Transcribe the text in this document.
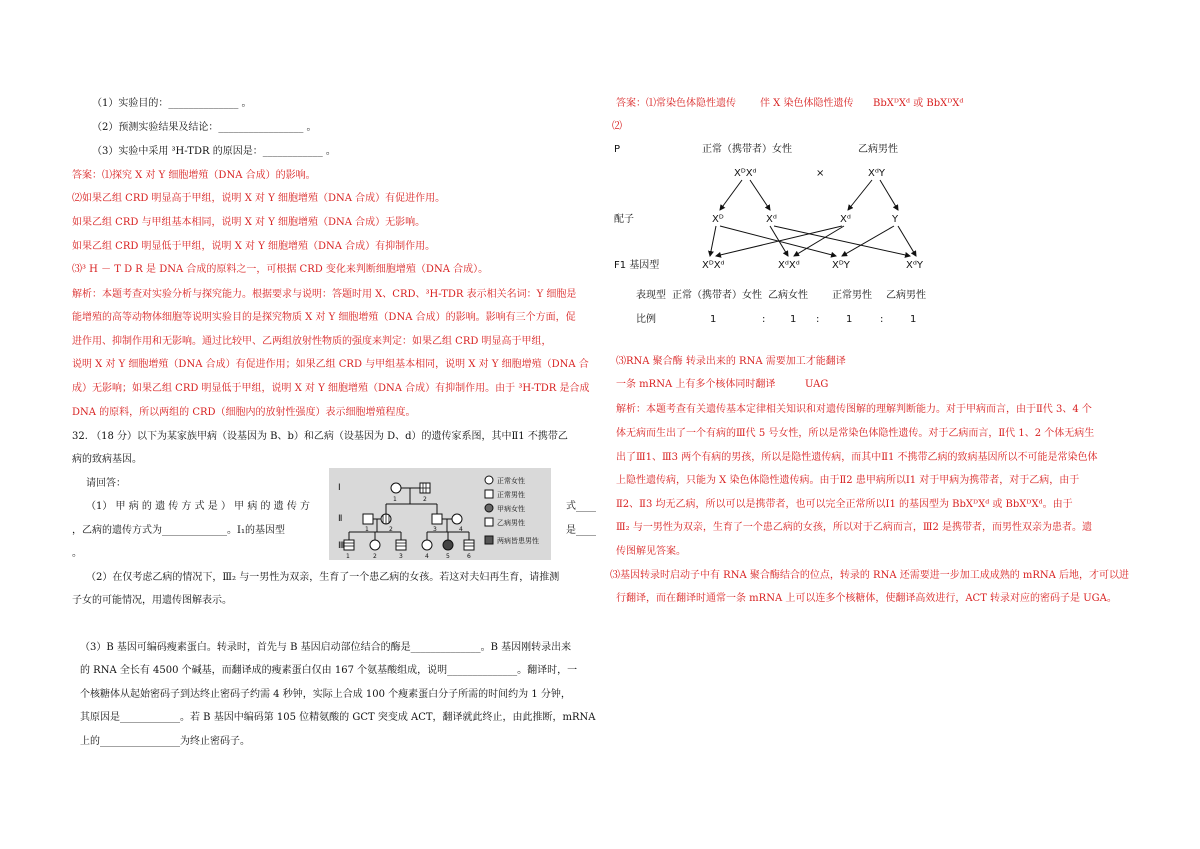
（1）实验目的：______________ 。
（2）预测实验结果及结论：_________________ 。
（3）实验中采用 ³H-TDR 的原因是：____________ 。
答案：⑴探究 X 对 Y 细胞增殖（DNA 合成）的影响。
⑵如果乙组 CRD 明显高于甲组，说明 X 对 Y 细胞增殖（DNA 合成）有促进作用。
如果乙组 CRD 与甲组基本相同，说明 X 对 Y 细胞增殖（DNA 合成）无影响。
如果乙组 CRD 明显低于甲组，说明 X 对 Y 细胞增殖（DNA 合成）有抑制作用。
⑶³ H － T D R 是 DNA 合成的原料之一，可根据 CRD 变化来判断细胞增殖（DNA 合成）。
解析：本题考查对实验分析与探究能力。根据要求与说明：答题时用 X、CRD、³H-TDR 表示相关名词：Y 细胞是
能增殖的高等动物体细胞等说明实验目的是探究物质 X 对 Y 细胞增殖（DNA 合成）的影响。影响有三个方面，促
进作用、抑制作用和无影响。通过比较甲、乙两组放射性物质的强度来判定：如果乙组 CRD 明显高于甲组，
说明 X 对 Y 细胞增殖（DNA 合成）有促进作用；如果乙组 CRD 与甲组基本相同，说明 X 对 Y 细胞增殖（DNA 合
成）无影响；如果乙组 CRD 明显低于甲组，说明 X 对 Y 细胞增殖（DNA 合成）有抑制作用。由于 ³H-TDR 是合成
DNA 的原料，所以两组的 CRD（细胞内的放射性强度）表示细胞增殖程度。
32. （18 分）以下为某家族甲病（设基因为 B、b）和乙病（设基因为 D、d）的遗传家系图，其中Ⅱ1 不携带乙
病的致病基因。
请回答：
（1） 甲 病 的 遗 传 方 式 是 ） 甲 病 的 遗 传 方	式____
，乙病的遗传方式为_____________。I₁的基因型	是____
。
Ⅰ
Ⅱ
Ⅲ
1	2
1	2	3	4
1	2	3	4	5	6
正常女性
正常男性
甲病女性
乙病男性
两病皆患男性
（2）在仅考虑乙病的情况下，Ⅲ₂ 与一男性为双亲，生育了一个患乙病的女孩。若这对夫妇再生育，请推测
子女的可能情况，用遗传图解表示。
（3）B 基因可编码瘦素蛋白。转录时，首先与 B 基因启动部位结合的酶是______________。B 基因刚转录出来
的 RNA 全长有 4500 个碱基，而翻译成的瘦素蛋白仅由 167 个氨基酸组成，说明______________。翻译时，一
个核糖体从起始密码子到达终止密码子约需 4 秒钟，实际上合成 100 个瘦素蛋白分子所需的时间约为 1 分钟，
其原因是____________。若 B 基因中编码第 105 位精氨酸的 GCT 突变成 ACT，翻译就此终止，由此推断，mRNA
上的________________为终止密码子。
答案：⑴常染色体隐性遗传 伴 X 染色体隐性遗传 BbXᴰXᵈ 或 BbXᴰXᵈ
⑵
P	正常（携带者）女性
×
乙病男性
XᴰXᵈ	XᵈY
配子	Xᴰ	Xᵈ	Xᵈ	Y
F1 基因型	XᴰXᵈ	XᵈXᵈ	XᴰY	XᵈY
表现型 正常（携带者）女性 乙病女性 正常男性 乙病男性
比例	1	: 1 :	1	:	1
⑶RNA 聚合酶 转录出来的 RNA 需要加工才能翻译
一条 mRNA 上有多个核体同时翻译	UAG
解析：本题考查有关遗传基本定律相关知识和对遗传图解的理解判断能力。对于甲病而言，由于Ⅱ代 3、4 个
体无病而生出了一个有病的Ⅲ代 5 号女性，所以是常染色体隐性遗传。对于乙病而言，Ⅱ代 1、2 个体无病生
出了Ⅲ1、Ⅲ3 两个有病的男孩，所以是隐性遗传病，而其中Ⅱ1 不携带乙病的致病基因所以不可能是常染色体
上隐性遗传病，只能为 X 染色体隐性遗传病。由于Ⅱ2 患甲病所以Ⅰ1 对于甲病为携带者，对于乙病，由于
Ⅱ2、Ⅱ3 均无乙病，所以可以是携带者，也可以完全正常所以Ⅰ1 的基因型为 BbXᴰXᵈ 或 BbXᴰXᵈ。由于
Ⅲ₂ 与一男性为双亲，生育了一个患乙病的女孩，所以对于乙病而言，Ⅲ2 是携带者，而男性双亲为患者。遗
传图解见答案。
⑶基因转录时启动子中有 RNA 聚合酶结合的位点，转录的 RNA 还需要进一步加工成成熟的 mRNA 后地，才可以进
行翻译，而在翻译时通常一条 mRNA 上可以连多个核糖体，使翻译高效进行，ACT 转录对应的密码子是 UGA。
